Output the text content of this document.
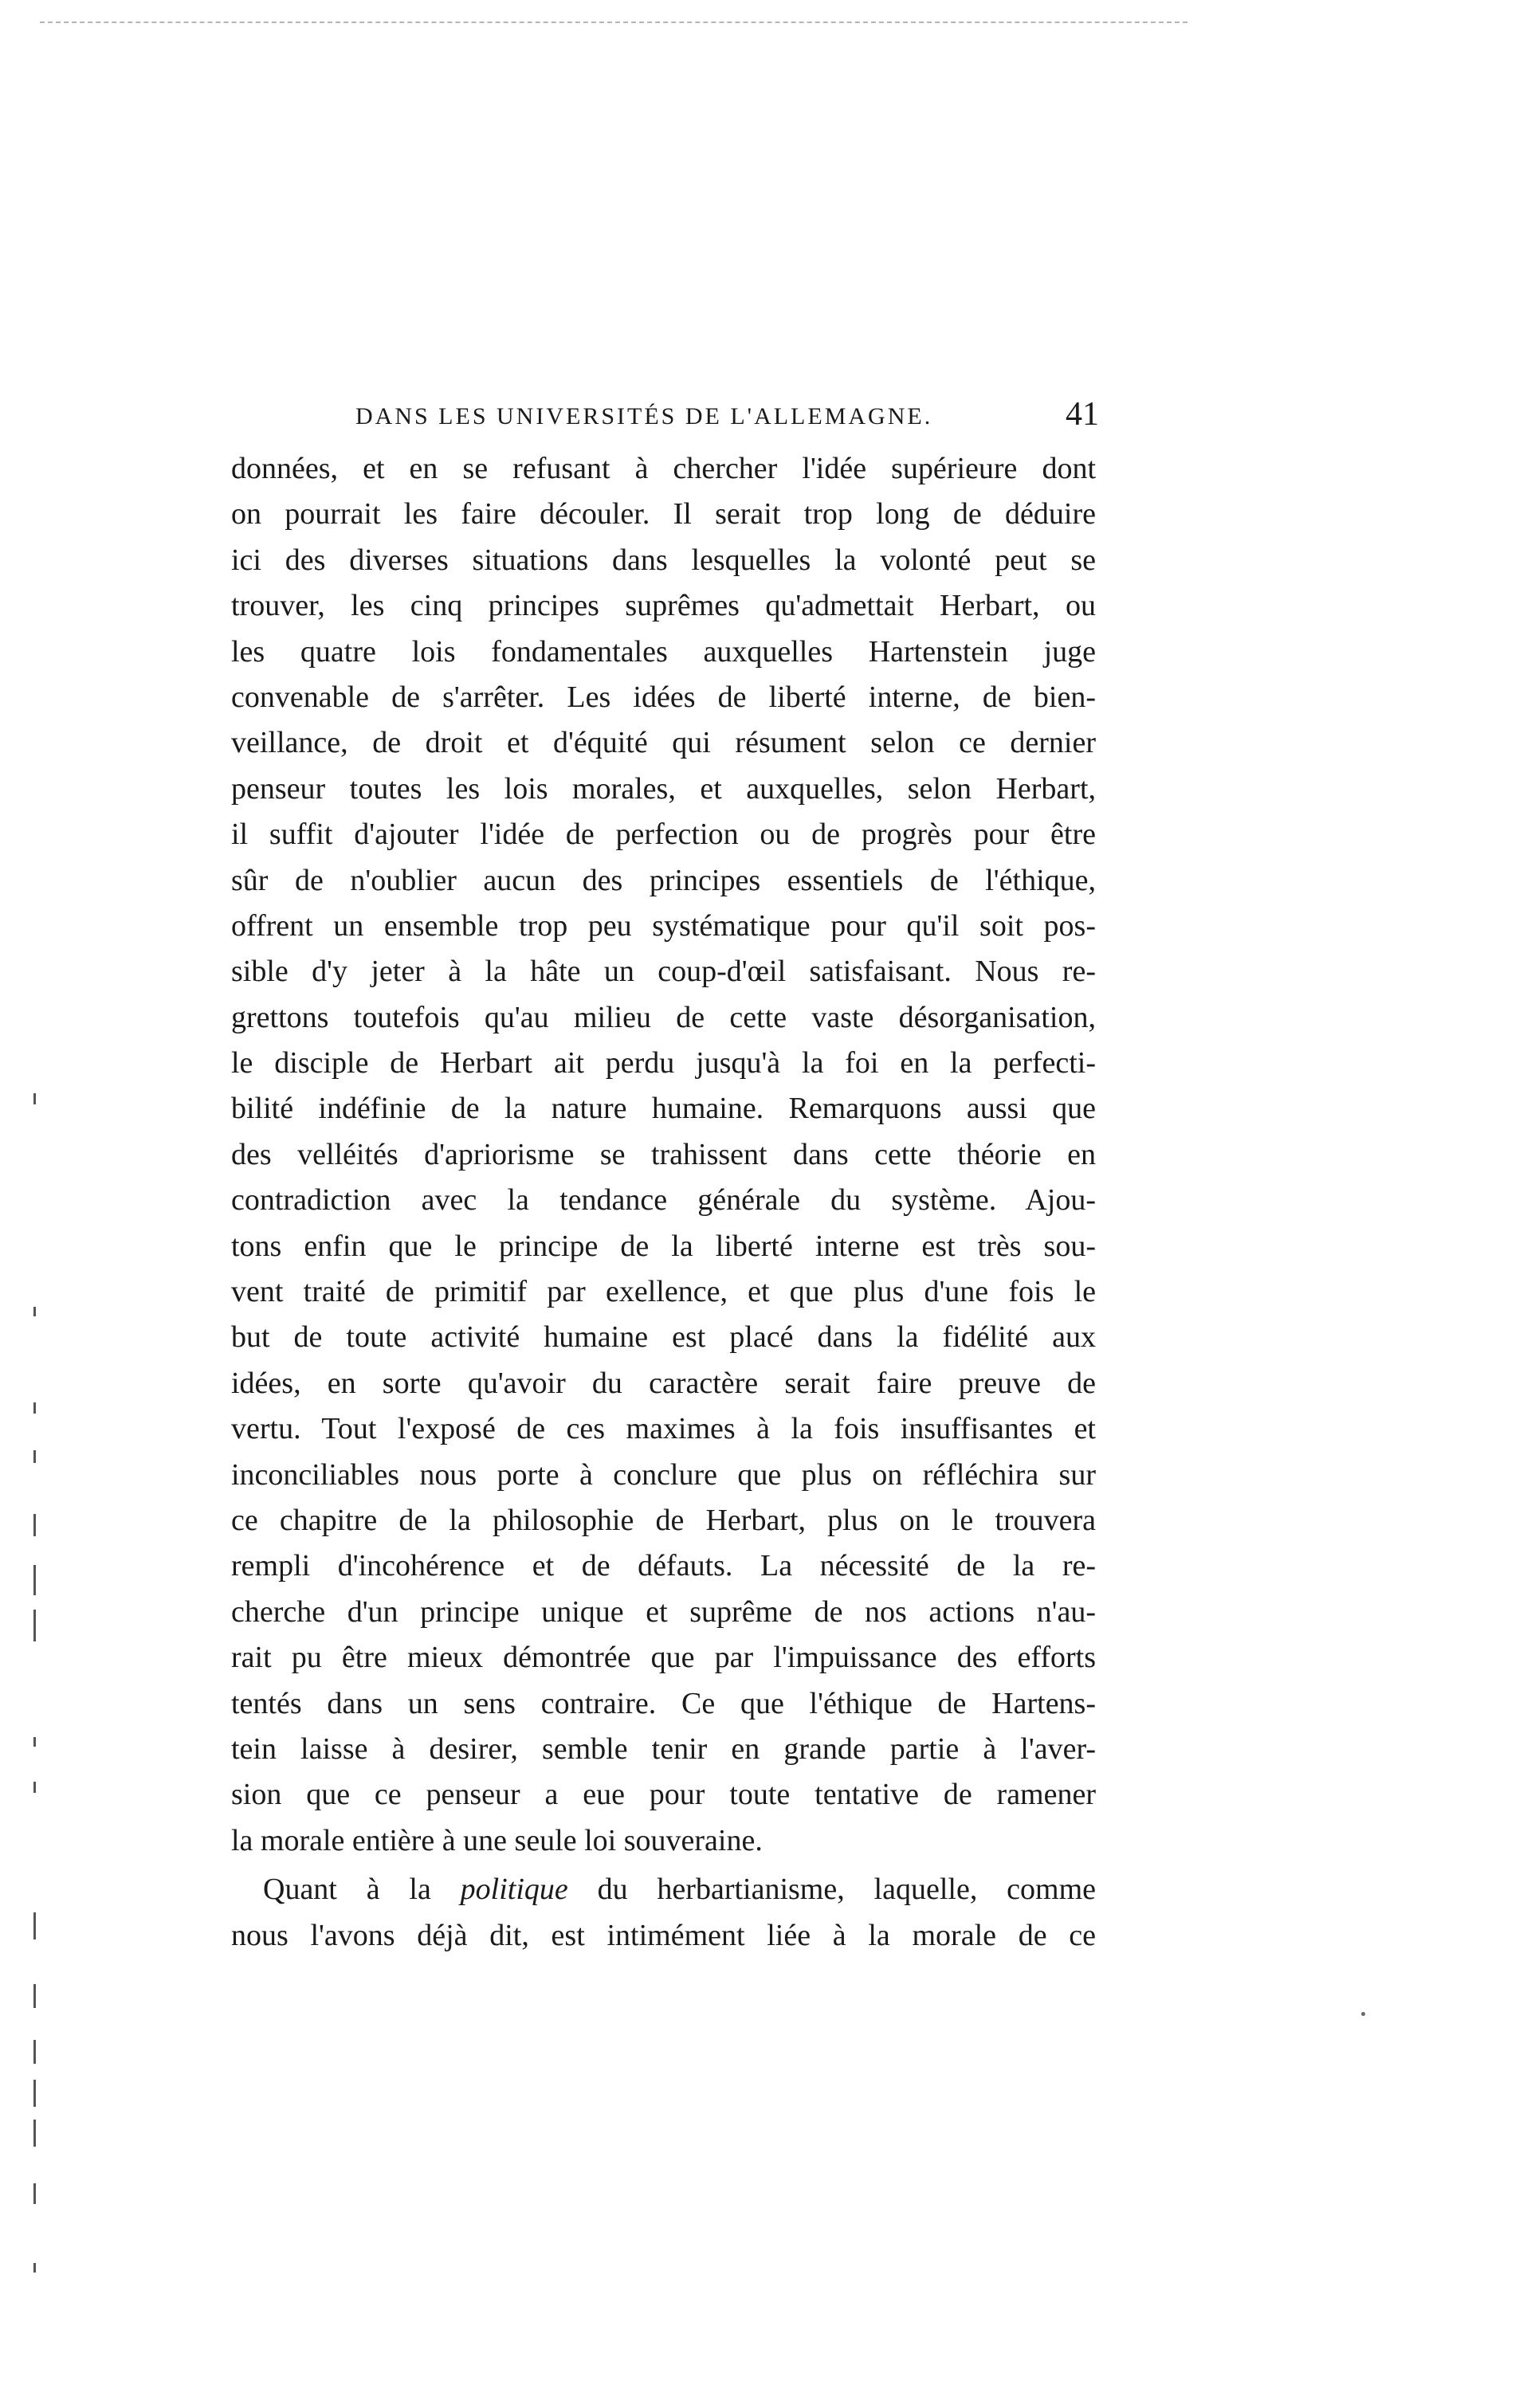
DANS LES UNIVERSITÉS DE L'ALLEMAGNE.	41
données, et en se refusant à chercher l'idée supérieure dont
on pourrait les faire découler. Il serait trop long de déduire
ici des diverses situations dans lesquelles la volonté peut se
trouver, les cinq principes suprêmes qu'admettait Herbart, ou
les quatre lois fondamentales auxquelles Hartenstein juge
convenable de s'arrêter. Les idées de liberté interne, de bien-
veillance, de droit et d'équité qui résument selon ce dernier
penseur toutes les lois morales, et auxquelles, selon Herbart,
il suffit d'ajouter l'idée de perfection ou de progrès pour être
sûr de n'oublier aucun des principes essentiels de l'éthique,
offrent un ensemble trop peu systématique pour qu'il soit pos-
sible d'y jeter à la hâte un coup-d'œil satisfaisant. Nous re-
grettons toutefois qu'au milieu de cette vaste désorganisation,
le disciple de Herbart ait perdu jusqu'à la foi en la perfecti-
bilité indéfinie de la nature humaine. Remarquons aussi que
des velléités d'apriorisme se trahissent dans cette théorie en
contradiction avec la tendance générale du système. Ajou-
tons enfin que le principe de la liberté interne est très sou-
vent traité de primitif par exellence, et que plus d'une fois le
but de toute activité humaine est placé dans la fidélité aux
idées, en sorte qu'avoir du caractère serait faire preuve de
vertu. Tout l'exposé de ces maximes à la fois insuffisantes et
inconciliables nous porte à conclure que plus on réfléchira sur
ce chapitre de la philosophie de Herbart, plus on le trouvera
rempli d'incohérence et de défauts. La nécessité de la re-
cherche d'un principe unique et suprême de nos actions n'au-
rait pu être mieux démontrée que par l'impuissance des efforts
tentés dans un sens contraire. Ce que l'éthique de Hartens-
tein laisse à desirer, semble tenir en grande partie à l'aver-
sion que ce penseur a eue pour toute tentative de ramener
la morale entière à une seule loi souveraine.
Quant à la politique du herbartianisme, laquelle, comme
nous l'avons déjà dit, est intimément liée à la morale de ce
